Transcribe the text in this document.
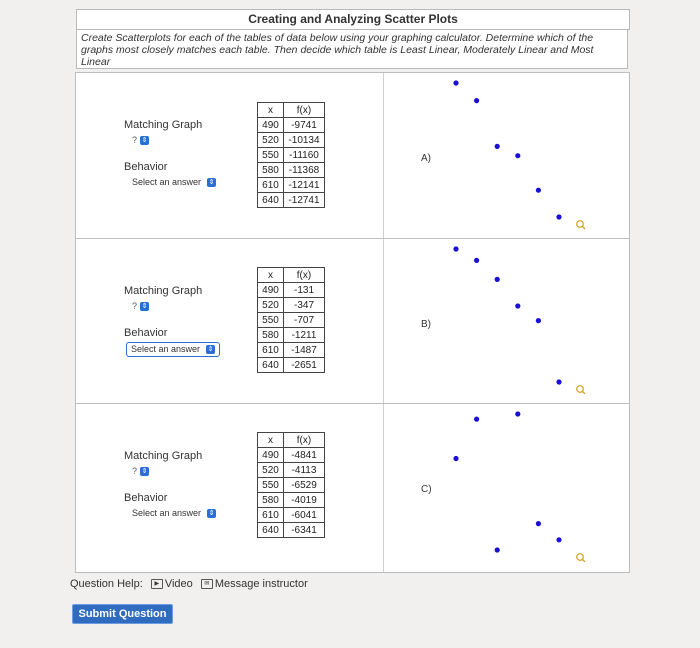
Creating and Analyzing Scatter Plots
Create Scatterplots for each of the tables of data below using your graphing calculator. Determine which of the graphs most closely matches each table. Then decide which table is Least Linear, Moderately Linear and Most Linear
Matching Graph
? ⇕
Behavior
Select an answer ⇕
x	f(x)
490	-9741
520	-10134
550	-11160
580	-11368
610	-12141
640	-12741
A)
Matching Graph
? ⇕
Behavior
Select an answer ⇕
x	f(x)
490	-131
520	-347
550	-707
580	-1211
610	-1487
640	-2651
B)
Matching Graph
? ⇕
Behavior
Select an answer ⇕
x	f(x)
490	-4841
520	-4113
550	-6529
580	-4019
610	-6041
640	-6341
C)
Question Help: ▶ Video ✉ Message instructor
Submit Question
